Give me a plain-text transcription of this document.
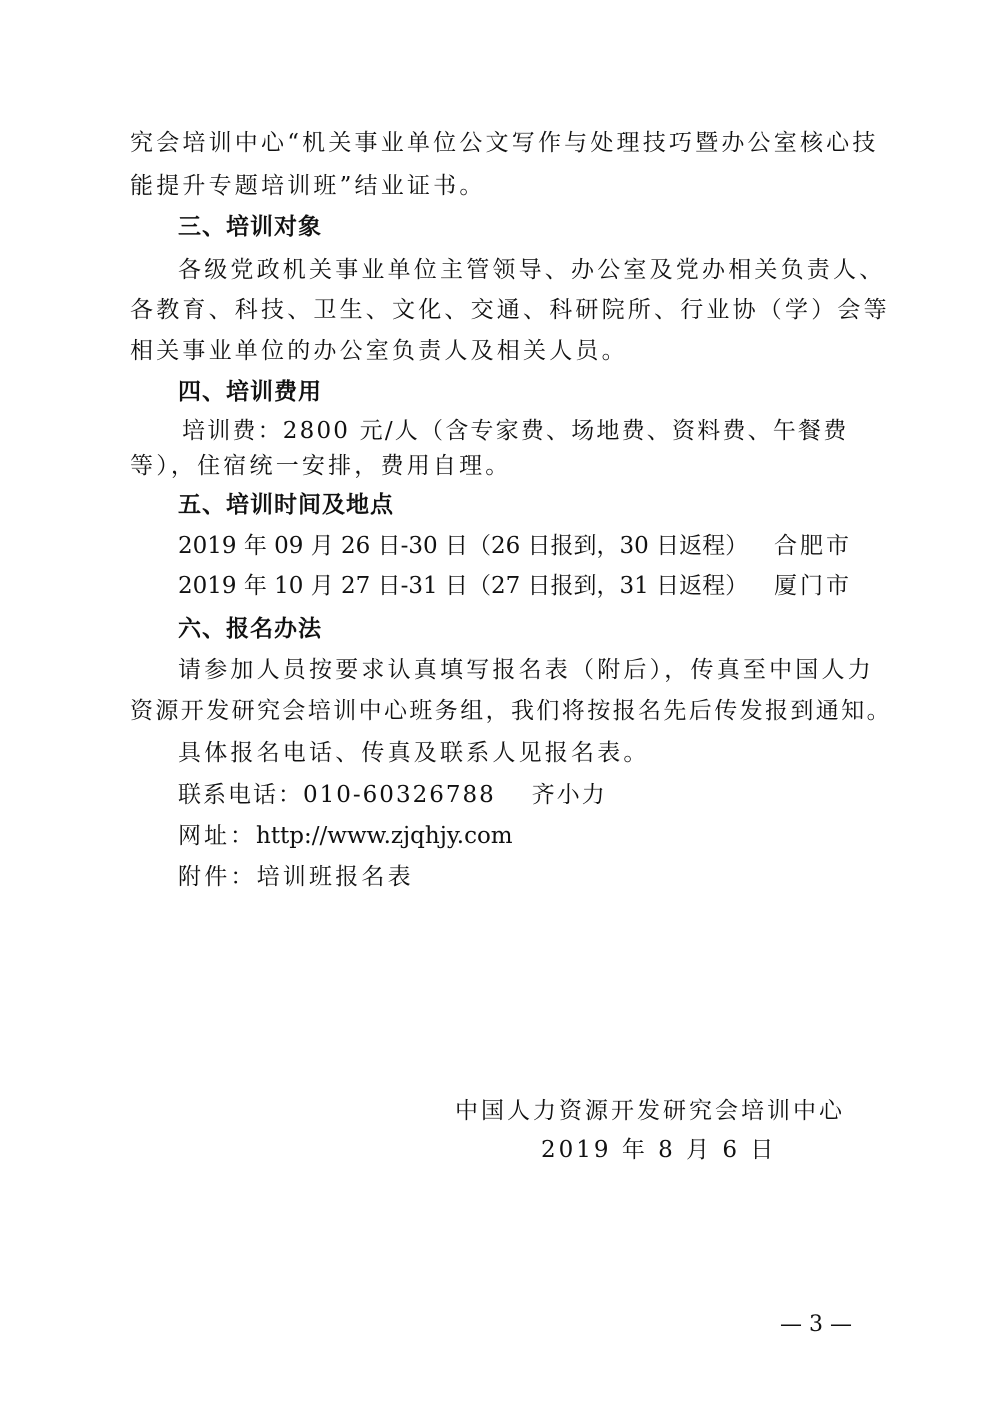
究会培训中心“机关事业单位公文写作与处理技巧暨办公室核心技
能提升专题培训班”结业证书。
三、培训对象
各级党政机关事业单位主管领导、办公室及党办相关负责人、
各教育、科技、卫生、文化、交通、科研院所、行业协（学）会等
相关事业单位的办公室负责人及相关人员。
四、培训费用
培训费：2800 元/人（含专家费、场地费、资料费、午餐费
等），住宿统一安排，费用自理。
五、培训时间及地点
2019 年 09 月 26 日-30 日（26 日报到，30 日返程） 合肥市
2019 年 10 月 27 日-31 日（27 日报到，31 日返程） 厦门市
六、报名办法
请参加人员按要求认真填写报名表（附后），传真至中国人力
资源开发研究会培训中心班务组，我们将按报名先后传发报到通知。
具体报名电话、传真及联系人见报名表。
联系电话：010-60326788 齐小力
网址：http://www.zjqhjy.com
附件：培训班报名表
中国人力资源开发研究会培训中心
2019 年 8 月 6 日
— 3 —
